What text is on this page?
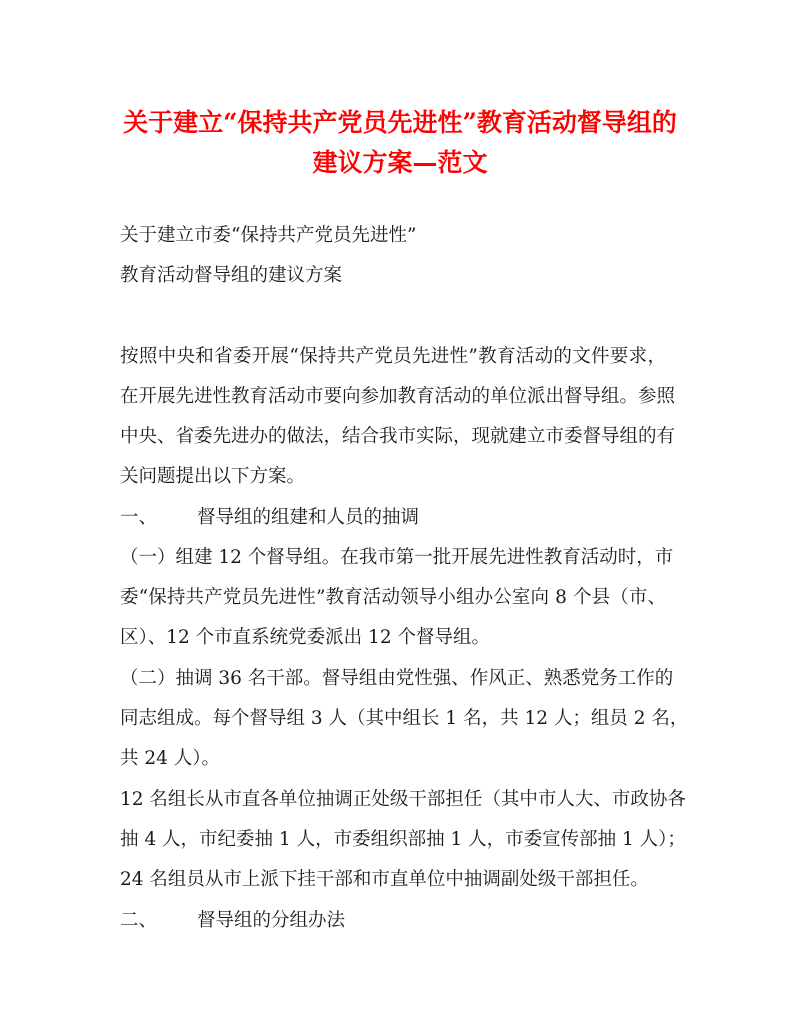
关于建立“保持共产党员先进性”教育活动督导组的
建议方案—范文
关于建立市委“保持共产党员先进性”
教育活动督导组的建议方案
按照中央和省委开展“保持共产党员先进性”教育活动的文件要求，
在开展先进性教育活动市要向参加教育活动的单位派出督导组。参照
中央、省委先进办的做法，结合我市实际，现就建立市委督导组的有
关问题提出以下方案。
一、 督导组的组建和人员的抽调
（一）组建 12 个督导组。在我市第一批开展先进性教育活动时，市
委“保持共产党员先进性”教育活动领导小组办公室向 8 个县（市、
区）、12 个市直系统党委派出 12 个督导组。
（二）抽调 36 名干部。督导组由党性强、作风正、熟悉党务工作的
同志组成。每个督导组 3 人（其中组长 1 名，共 12 人；组员 2 名，
共 24 人）。
12 名组长从市直各单位抽调正处级干部担任（其中市人大、市政协各
抽 4 人，市纪委抽 1 人，市委组织部抽 1 人，市委宣传部抽 1 人）；
24 名组员从市上派下挂干部和市直单位中抽调副处级干部担任。
二、 督导组的分组办法
